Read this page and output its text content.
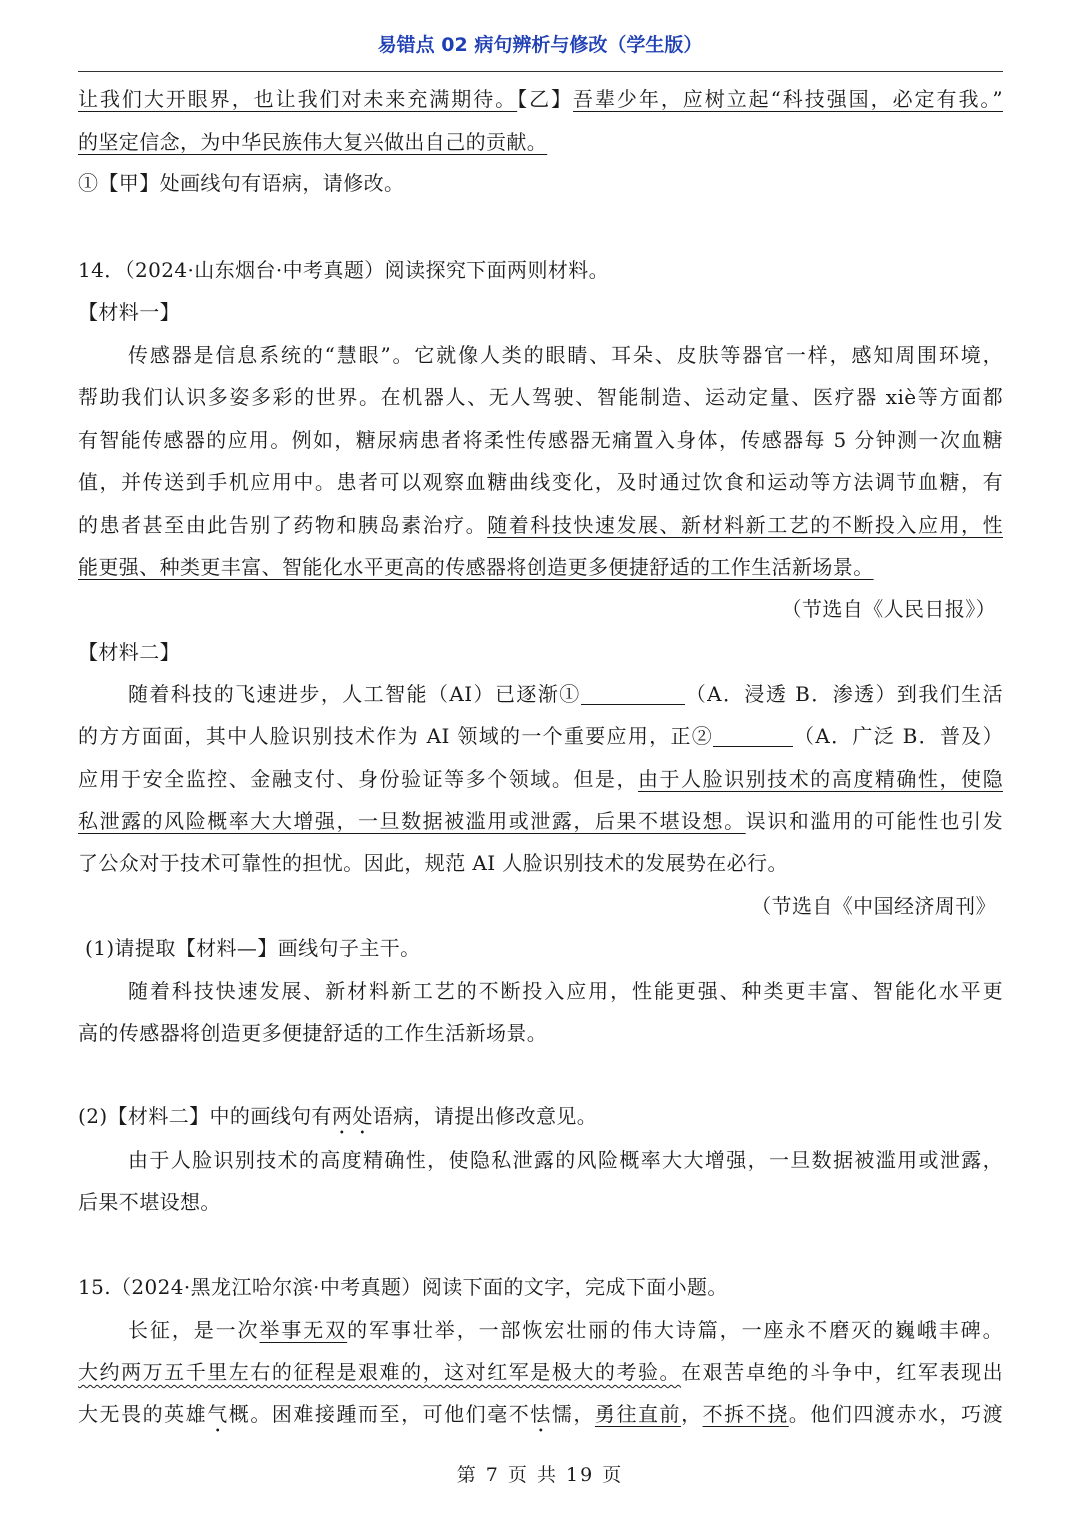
易错点 02 病句辨析与修改（学生版）
让我们大开眼界，也让我们对未来充满期待。【乙】吾辈少年，应树立起“科技强国，必定有我。”
的坚定信念，为中华民族伟大复兴做出自己的贡献。
①【甲】处画线句有语病，请修改。
14．（2024·山东烟台·中考真题）阅读探究下面两则材料。
【材料一】
传感器是信息系统的“慧眼”。它就像人类的眼睛、耳朵、皮肤等器官一样，感知周围环境，
帮助我们认识多姿多彩的世界。在机器人、无人驾驶、智能制造、运动定量、医疗器 xiè等方面都
有智能传感器的应用。例如，糖尿病患者将柔性传感器无痛置入身体，传感器每 5 分钟测一次血糖
值，并传送到手机应用中。患者可以观察血糖曲线变化，及时通过饮食和运动等方法调节血糖，有
的患者甚至由此告别了药物和胰岛素治疗。随着科技快速发展、新材料新工艺的不断投入应用，性
能更强、种类更丰富、智能化水平更高的传感器将创造更多便捷舒适的工作生活新场景。
（节选自《人民日报》）
【材料二】
随着科技的飞速进步，人工智能（AI）已逐渐①	（A．浸透 B．渗透）到我们生活
的方方面面，其中人脸识别技术作为 AI 领域的一个重要应用，正②	（A．广泛 B．普及）
应用于安全监控、金融支付、身份验证等多个领域。但是，由于人脸识别技术的高度精确性，使隐
私泄露的风险概率大大增强，一旦数据被滥用或泄露，后果不堪设想。误识和滥用的可能性也引发
了公众对于技术可靠性的担忧。因此，规范 AI 人脸识别技术的发展势在必行。
（节选自《中国经济周刊》
(1)请提取【材料—】画线句子主干。
随着科技快速发展、新材料新工艺的不断投入应用，性能更强、种类更丰富、智能化水平更
高的传感器将创造更多便捷舒适的工作生活新场景。
(2)【材料二】中的画线句有两处语病，请提出修改意见。
由于人脸识别技术的高度精确性，使隐私泄露的风险概率大大增强，一旦数据被滥用或泄露，
后果不堪设想。
15.（2024·黑龙江哈尔滨·中考真题）阅读下面的文字，完成下面小题。
长征，是一次举事无双的军事壮举，一部恢宏壮丽的伟大诗篇，一座永不磨灭的巍峨丰碑。
大约两万五千里左右的征程是艰难的，这对红军是极大的考验。在艰苦卓绝的斗争中，红军表现出
大无畏的英雄气概。困难接踵而至，可他们毫不怯懦，勇往直前，不拆不挠。他们四渡赤水，巧渡
第 7 页 共 19 页
